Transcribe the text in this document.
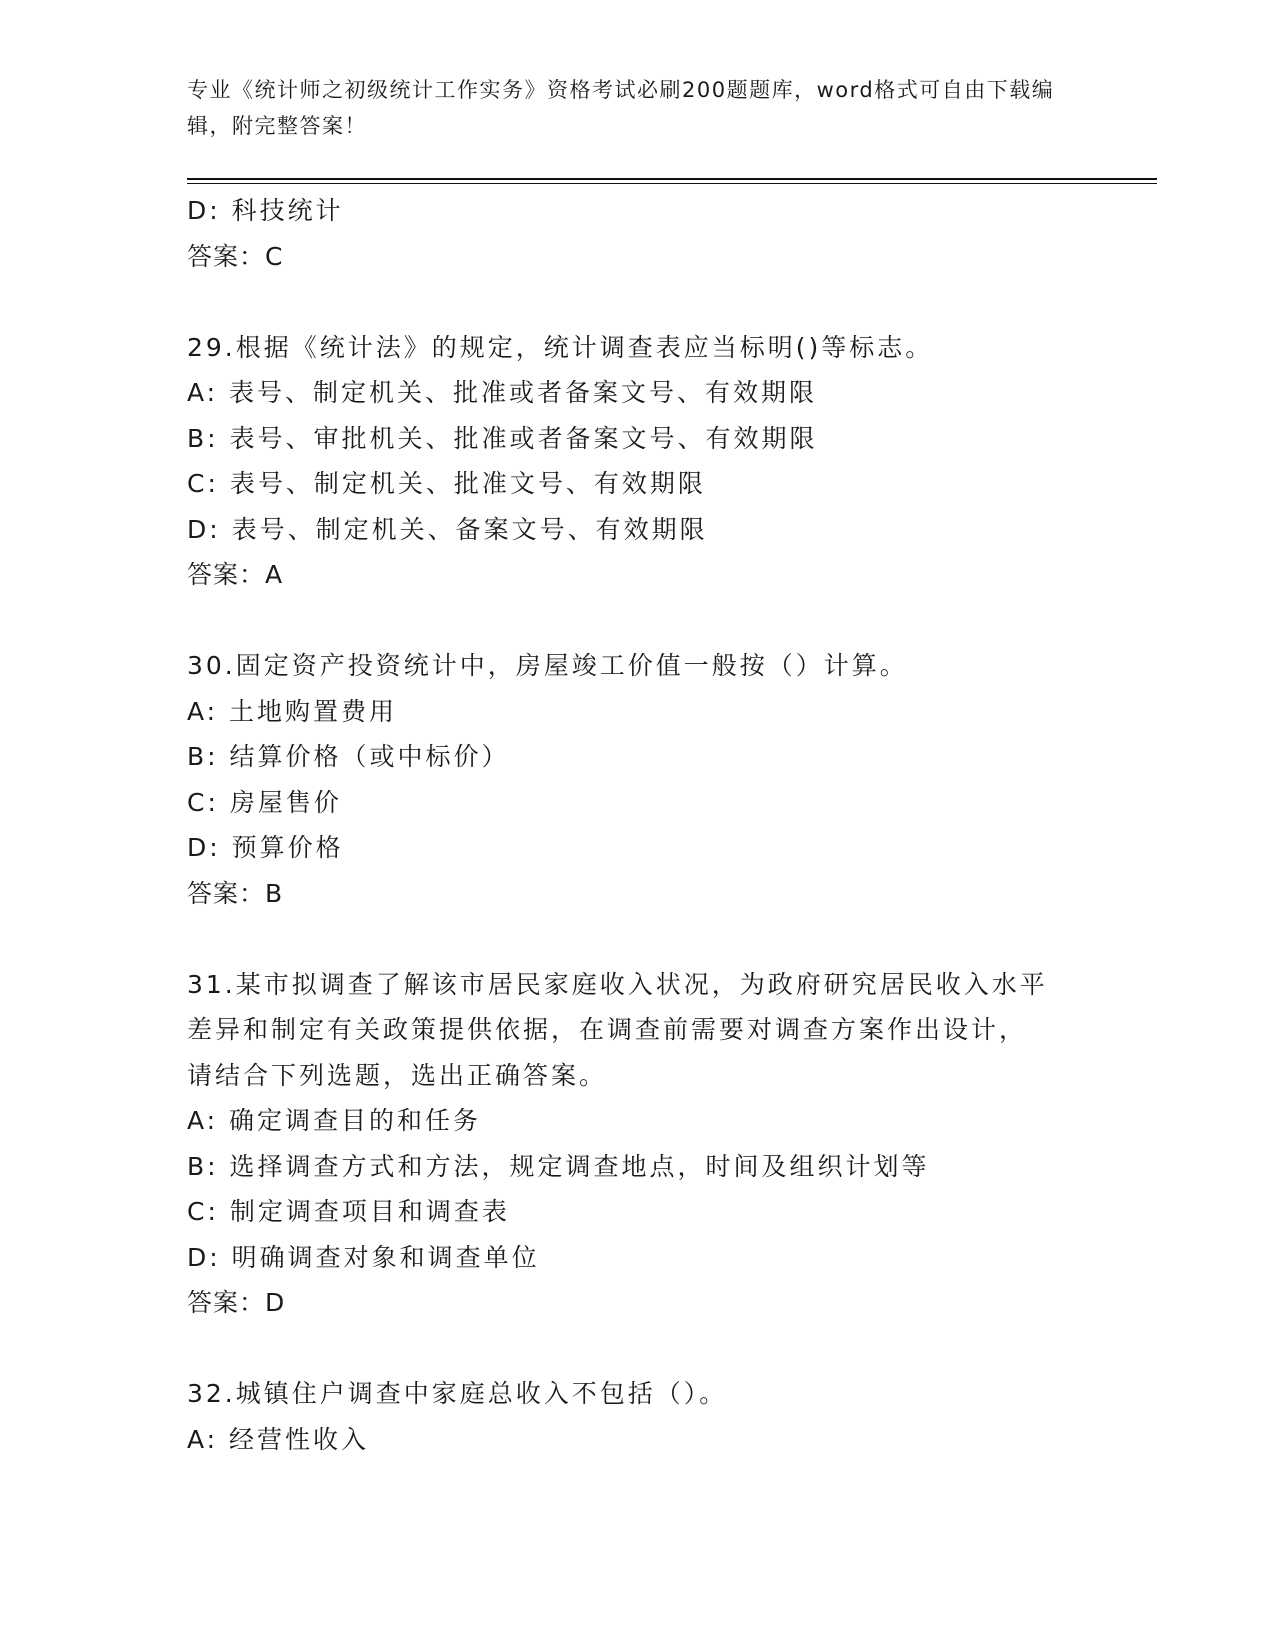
专业《统计师之初级统计工作实务》资格考试必刷200题题库，word格式可自由下载编辑，附完整答案！
D: 科技统计
答案：C
29.根据《统计法》的规定，统计调查表应当标明()等标志。
A: 表号、制定机关、批准或者备案文号、有效期限
B: 表号、审批机关、批准或者备案文号、有效期限
C: 表号、制定机关、批准文号、有效期限
D: 表号、制定机关、备案文号、有效期限
答案：A
30.固定资产投资统计中，房屋竣工价值一般按（）计算。
A: 土地购置费用
B: 结算价格（或中标价）
C: 房屋售价
D: 预算价格
答案：B
31.某市拟调查了解该市居民家庭收入状况，为政府研究居民收入水平
差异和制定有关政策提供依据，在调查前需要对调查方案作出设计，
请结合下列选题，选出正确答案。
A: 确定调查目的和任务
B: 选择调查方式和方法，规定调查地点，时间及组织计划等
C: 制定调查项目和调查表
D: 明确调查对象和调查单位
答案：D
32.城镇住户调查中家庭总收入不包括（）。
A: 经营性收入
